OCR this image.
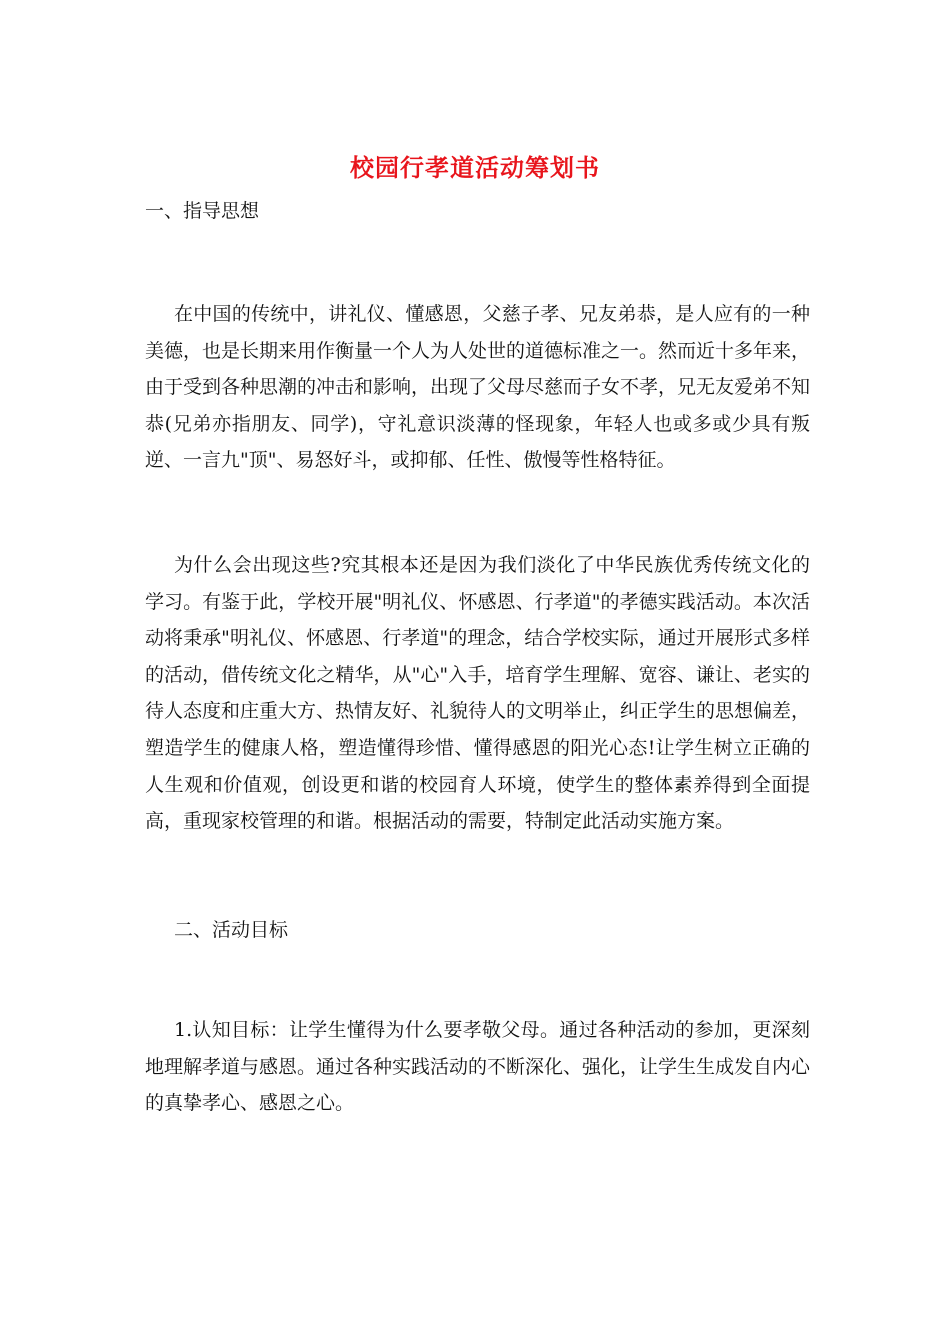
校园行孝道活动筹划书
一、指导思想

在中国的传统中，讲礼仪、懂感恩，父慈子孝、兄友弟恭，是人应有的一种美德，也是长期来用作衡量一个人为人处世的道德标准之一。然而近十多年来，由于受到各种思潮的冲击和影响，出现了父母尽慈而子女不孝，兄无友爱弟不知恭(兄弟亦指朋友、同学)，守礼意识淡薄的怪现象，年轻人也或多或少具有叛逆、一言九"顶"、易怒好斗，或抑郁、任性、傲慢等性格特征。

为什么会出现这些?究其根本还是因为我们淡化了中华民族优秀传统文化的学习。有鉴于此，学校开展"明礼仪、怀感恩、行孝道"的孝德实践活动。本次活动将秉承"明礼仪、怀感恩、行孝道"的理念，结合学校实际，通过开展形式多样的活动，借传统文化之精华，从"心"入手，培育学生理解、宽容、谦让、老实的待人态度和庄重大方、热情友好、礼貌待人的文明举止，纠正学生的思想偏差，塑造学生的健康人格，塑造懂得珍惜、懂得感恩的阳光心态!让学生树立正确的人生观和价值观，创设更和谐的校园育人环境，使学生的整体素养得到全面提高，重现家校管理的和谐。根据活动的需要，特制定此活动实施方案。

二、活动目标

1.认知目标：让学生懂得为什么要孝敬父母。通过各种活动的参加，更深刻地理解孝道与感恩。通过各种实践活动的不断深化、强化，让学生生成发自内心的真挚孝心、感恩之心。
